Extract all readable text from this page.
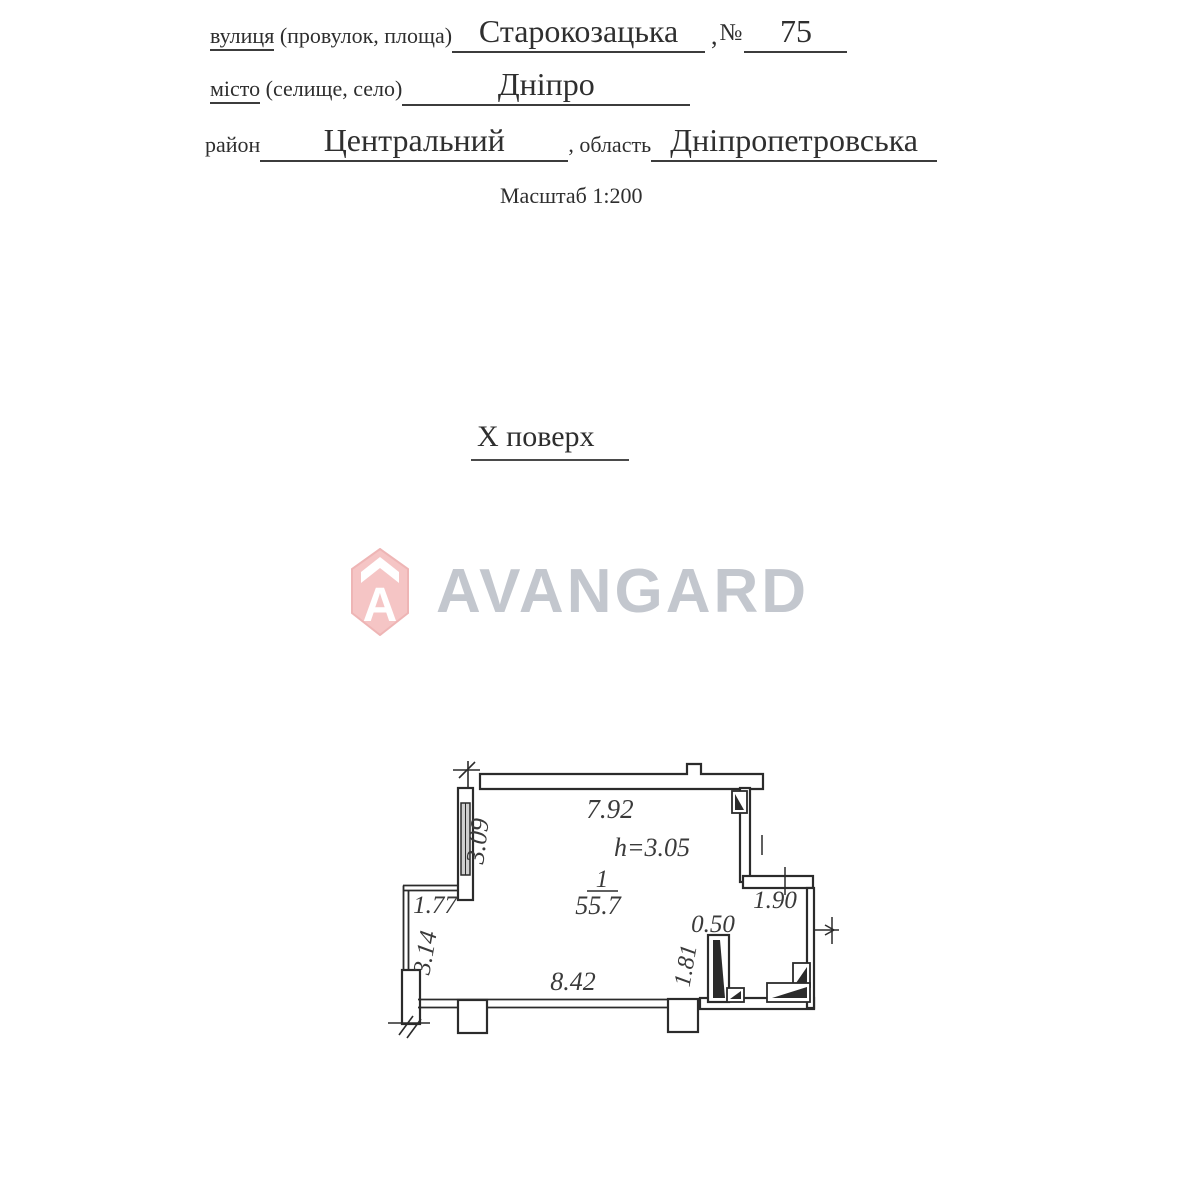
вулиця (провулок, площа) Старокозацька	, №	75
місто (селище, село)	Дніпро
район	Центральний	, область Дніпропетровська
Масштаб 1:200
X поверх
A AVANGARD
7.92
h=3.05
1
55.7
3.09
1.77
3.14
8.42
1.90
0.50
1.81
